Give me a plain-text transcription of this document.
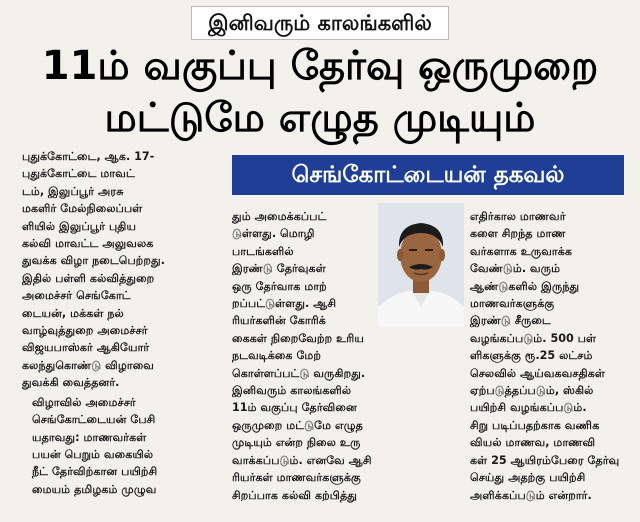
இனிவரும் காலங்களில்
11ம் வகுப்பு தேர்வு ஒருமுறை
மட்டுமே எழுத முடியும்
செங்கோட்டையன் தகவல்

புதுக்கோட்டை, ஆக. 17-
புதுக்கோட்டை மாவட்
டம், இலுப்பூர் அரசு
மகளிர் மேல்நிலைப்பள்
ளியில் இலுப்பூர் புதிய
கல்வி மாவட்ட அலுவலக
துவக்க விழா நடைபெற்றது.
இதில் பள்ளி கல்வித்துறை
அமைச்சர் செங்கோட்
டையன், மக்கள் நல்
வாழ்வுத்துறை அமைச்சர்
விஜயபாஸ்கர் ஆகியோர்
கலந்துகொண்டு விழாவை
துவக்கி வைத்தனர்.

விழாவில் அமைச்சர்
செங்கோட்டையன் பேசி
யதாவது: மாணவர்கள்
பயன் பெறும் வகையில்
நீட் தேர்விற்கான பயிற்சி
மையம் தமிழகம் முழுவ

தும் அமைக்கப்பட்
டுள்ளது. மொழி
பாடங்களில்
இரண்டு தேர்வுகள்
ஒரு தேர்வாக மாற்
றப்பட்டுள்ளது. ஆசி
ரியர்களின் கோரிக்
கைகள் நிறைவேற்ற உரிய
நடவடிக்கை மேற்
கொள்ளப்பட்டு வருகிறது.
இனிவரும் காலங்களில்
11ம் வகுப்பு தேர்வினை
ஒருமுறை மட்டுமே எழுத
முடியும் என்ற நிலை உரு
வாக்கப்படும். எனவே ஆசி
ரியர்கள் மாணவர்களுக்கு
சிறப்பாக கல்வி கற்பித்து

எதிர்கால மாணவர்
களை சிறந்த மாண
வர்களாக உருவாக்க
வேண்டும். வரும்
ஆண்டுகளில் இருந்து
மாணவர்களுக்கு
இரண்டு சீருடை
வழங்கப்படும். 500 பள்
ளிகளுக்கு ரூ.25 லட்சம்
செலவில் ஆய்வகவசதிகள்
ஏற்படுத்தப்படும், ஸ்கில்
பயிற்சி வழங்கப்படும்.
சிறு படிப்பதற்காக வணிக
வியல் மாணவ, மாணவி
கள் 25 ஆயிரம்பேரை தேர்வு
செய்து அதற்கு பயிற்சி
அளிக்கப்படும் என்றார்.
